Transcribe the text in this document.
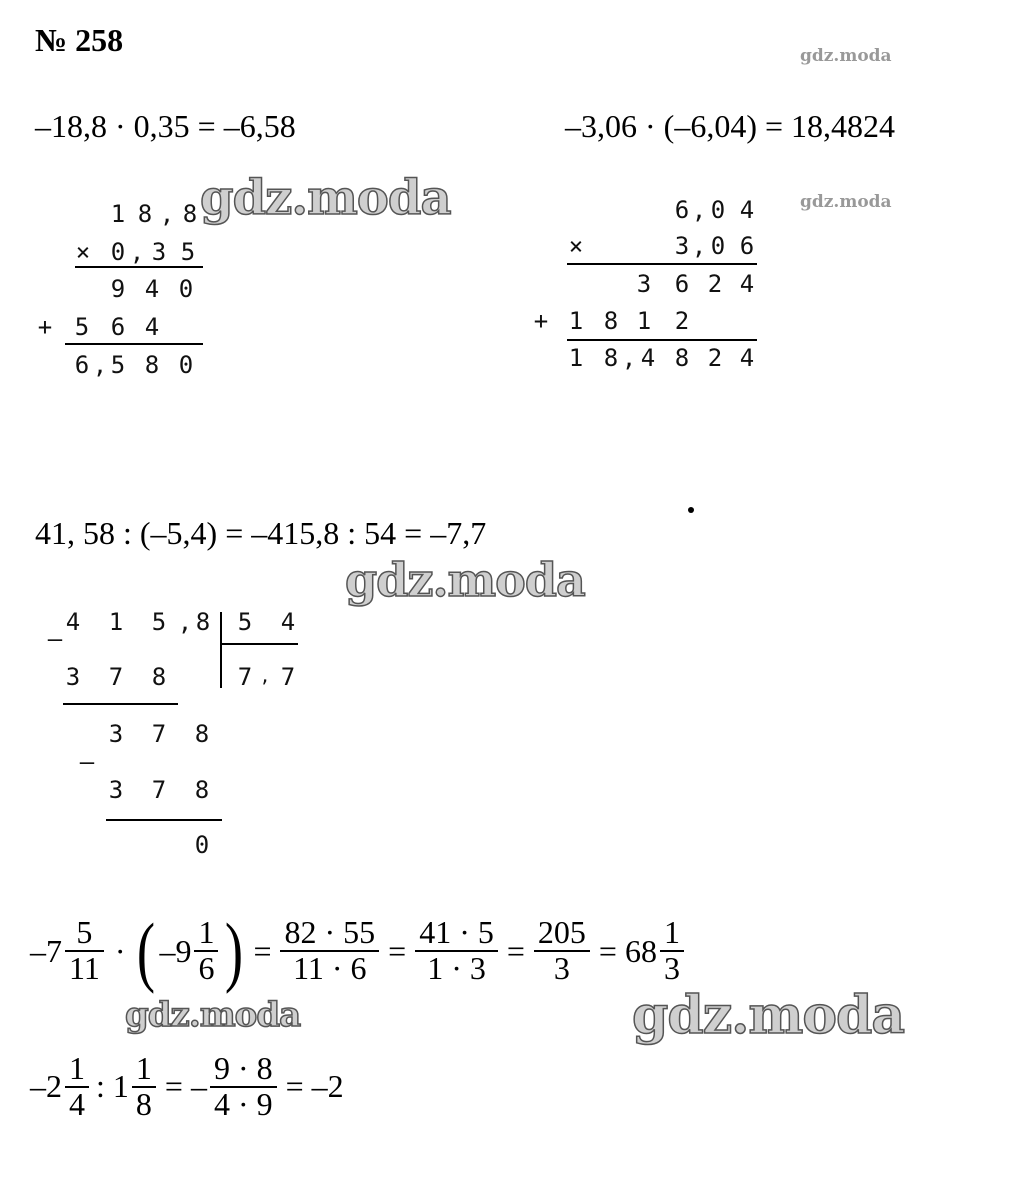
№ 258	gdz.moda
gdz.moda
gdz.moda
gdz.moda
gdz.moda	gdz.moda
–18,8 · 0,35 = –6,58	–3,06 · (–6,04) = 18,4824
1 8 , 8
× 0 , 3 5
9 4 0
+ 5 6 4
6 , 5 8 0
6 , 0 4
×	3 , 0 6
3 6 2 4
+ 1 8 1 2
1 8 , 4 8 2 4
41, 58 : (–5,4) = –415,8 : 54 = –7,7
–
4	1	5 , 8	5	4
3	7	8	7 , 7
–
3	7	8
3	7	8
0
$-7 \frac{5}{11}$ · ( $-9 \frac{1}{6}$ ) = $\frac{82 \cdot 55}{11 \cdot 6} = \frac{41 \cdot 5}{1 \cdot 3} = \frac{205}{3} = 68 \frac{1}{3}$
$-2 \frac{1}{4}$ : $1 \frac{1}{8}$ = – $\frac{9 \cdot 8}{4 \cdot 9} = -2$
